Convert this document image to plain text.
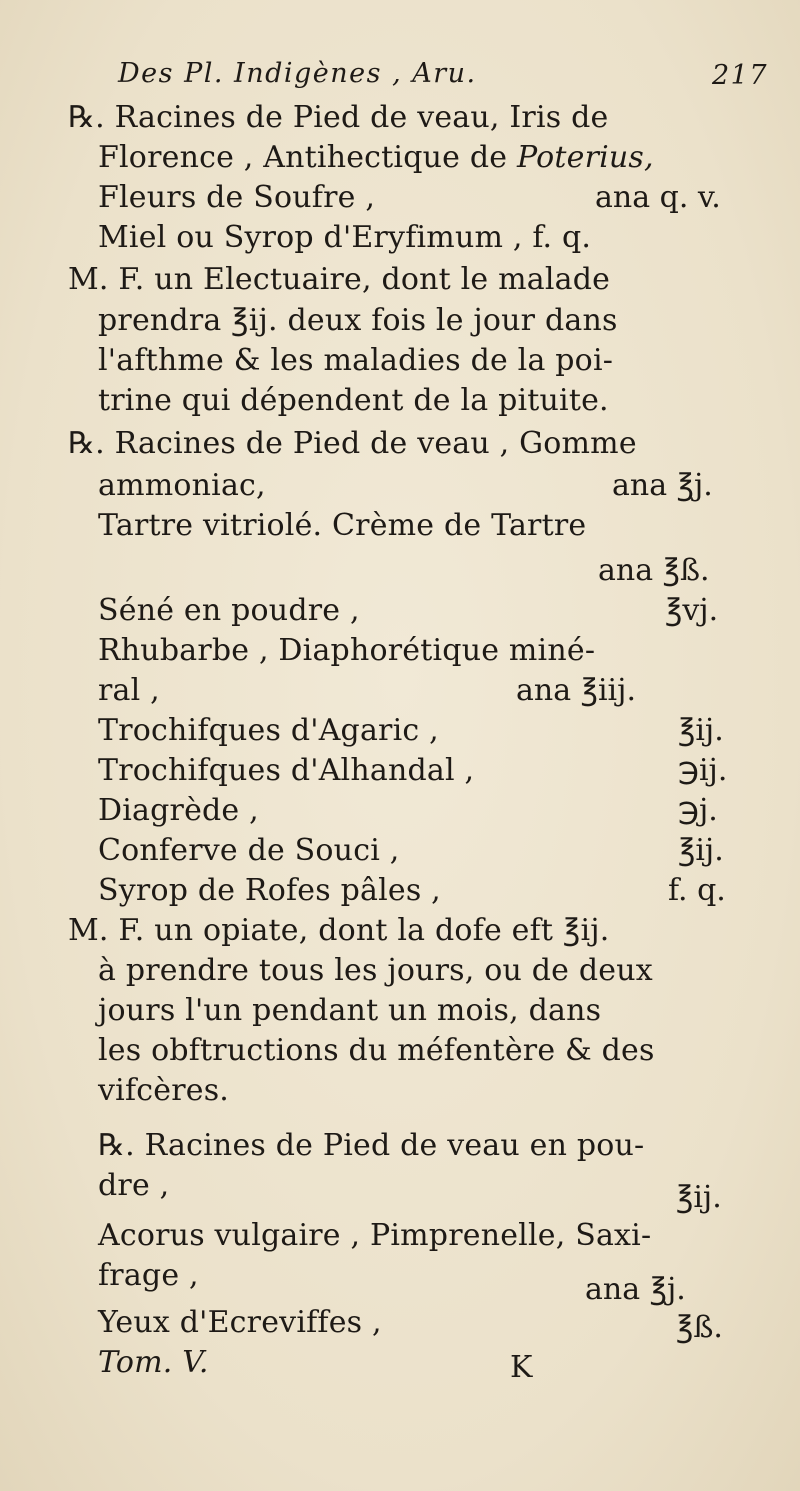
Des Pl. Indigènes , Aru.	217
℞. Racines de Pied de veau, Iris de
Florence , Antihectique de Poterius,
Fleurs de Soufre ,	ana q. v.
Miel ou Syrop d'Eryfimum , f. q.
M. F. un Electuaire, dont le malade
prendra ℥ij. deux fois le jour dans
l'afthme & les maladies de la poi-
trine qui dépendent de la pituite.
℞. Racines de Pied de veau , Gomme
ammoniac,	ana ℥j.
Tartre vitriolé. Crème de Tartre
ana ℥ß.
Séné en poudre ,	℥vj.
Rhubarbe , Diaphorétique miné-
ral ,	ana ℥iij.
Trochifques d'Agaric ,	℥ij.
Trochifques d'Alhandal ,	℈ij.
Diagrède ,	℈j.
Conferve de Souci ,	℥ij.
Syrop de Rofes pâles ,	f. q.
M. F. un opiate, dont la dofe eft ℥ij.
à prendre tous les jours, ou de deux
jours l'un pendant un mois, dans
les obftructions du méfentère & des
vifcères.
℞. Racines de Pied de veau en pou-
dre ,	℥ij.
Acorus vulgaire , Pimprenelle, Saxi-
frage ,	ana ℥j.
Yeux d'Ecreviffes ,	℥ß.
Tom. V.	K
